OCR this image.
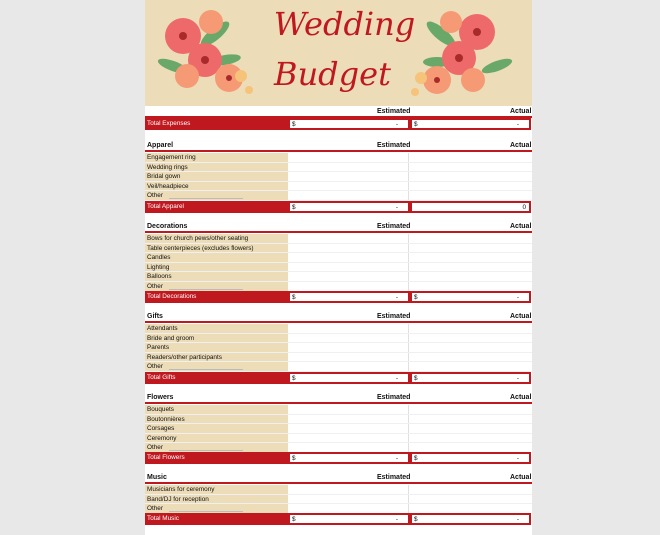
Wedding
Budget
Estimated	Actual
Total Expenses	$	-	$	-
Apparel	Estimated	Actual
Engagement ring
Wedding rings
Bridal gown
Veil/headpiece
Other
Total Apparel	$	-	0
Decorations	Estimated	Actual
Bows for church pews/other seating
Table centerpieces (excludes flowers)
Candles
Lighting
Balloons
Other
Total Decorations	$	-	$	-
Gifts	Estimated	Actual
Attendants
Bride and groom
Parents
Readers/other participants
Other
Total Gifts	$	-	$	-
Flowers	Estimated	Actual
Bouquets
Boutonnières
Corsages
Ceremony
Other
Total Flowers	$	-	$	-
Music	Estimated	Actual
Musicians for ceremony
Band/DJ for reception
Other
Total Music	$	-	$	-
